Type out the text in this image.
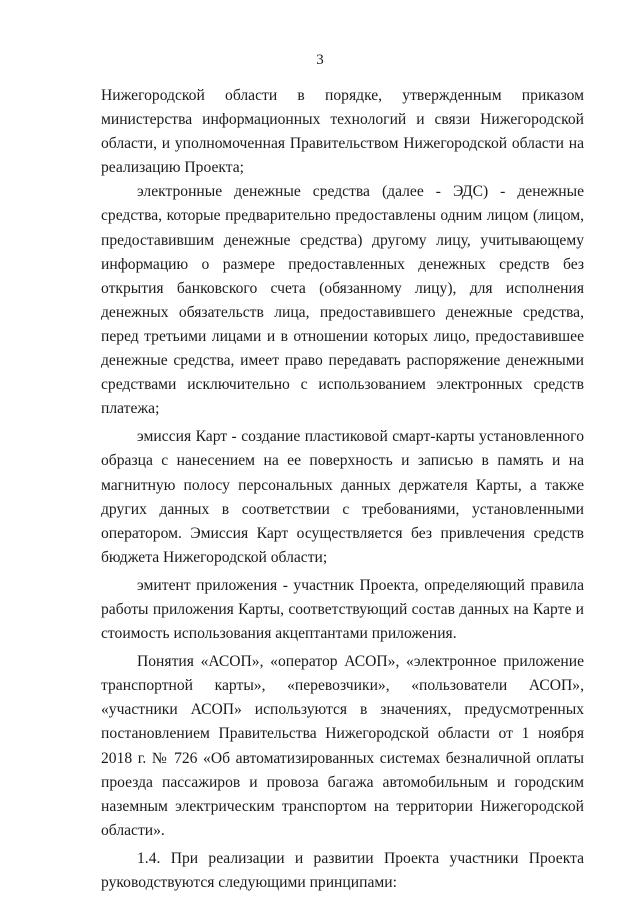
3

Нижегородской области в порядке, утвержденным приказом министерства информационных технологий и связи Нижегородской области, и уполномоченная Правительством Нижегородской области на реализацию Проекта;

электронные денежные средства (далее - ЭДС) - денежные средства, которые предварительно предоставлены одним лицом (лицом, предоставившим денежные средства) другому лицу, учитывающему информацию о размере предоставленных денежных средств без открытия банковского счета (обязанному лицу), для исполнения денежных обязательств лица, предоставившего денежные средства, перед третьими лицами и в отношении которых лицо, предоставившее денежные средства, имеет право передавать распоряжение денежными средствами исключительно с использованием электронных средств платежа;

эмиссия Карт - создание пластиковой смарт-карты установленного образца с нанесением на ее поверхность и записью в память и на магнитную полосу персональных данных держателя Карты, а также других данных в соответствии с требованиями, установленными оператором. Эмиссия Карт осуществляется без привлечения средств бюджета Нижегородской области;

эмитент приложения - участник Проекта, определяющий правила работы приложения Карты, соответствующий состав данных на Карте и стоимость использования акцептантами приложения.

Понятия «АСОП», «оператор АСОП», «электронное приложение транспортной карты», «перевозчики», «пользователи АСОП», «участники АСОП» используются в значениях, предусмотренных постановлением Правительства Нижегородской области от 1 ноября 2018 г. № 726 «Об автоматизированных системах безналичной оплаты проезда пассажиров и провоза багажа автомобильным и городским наземным электрическим транспортом на территории Нижегородской области».

1.4. При реализации и развитии Проекта участники Проекта руководствуются следующими принципами:
